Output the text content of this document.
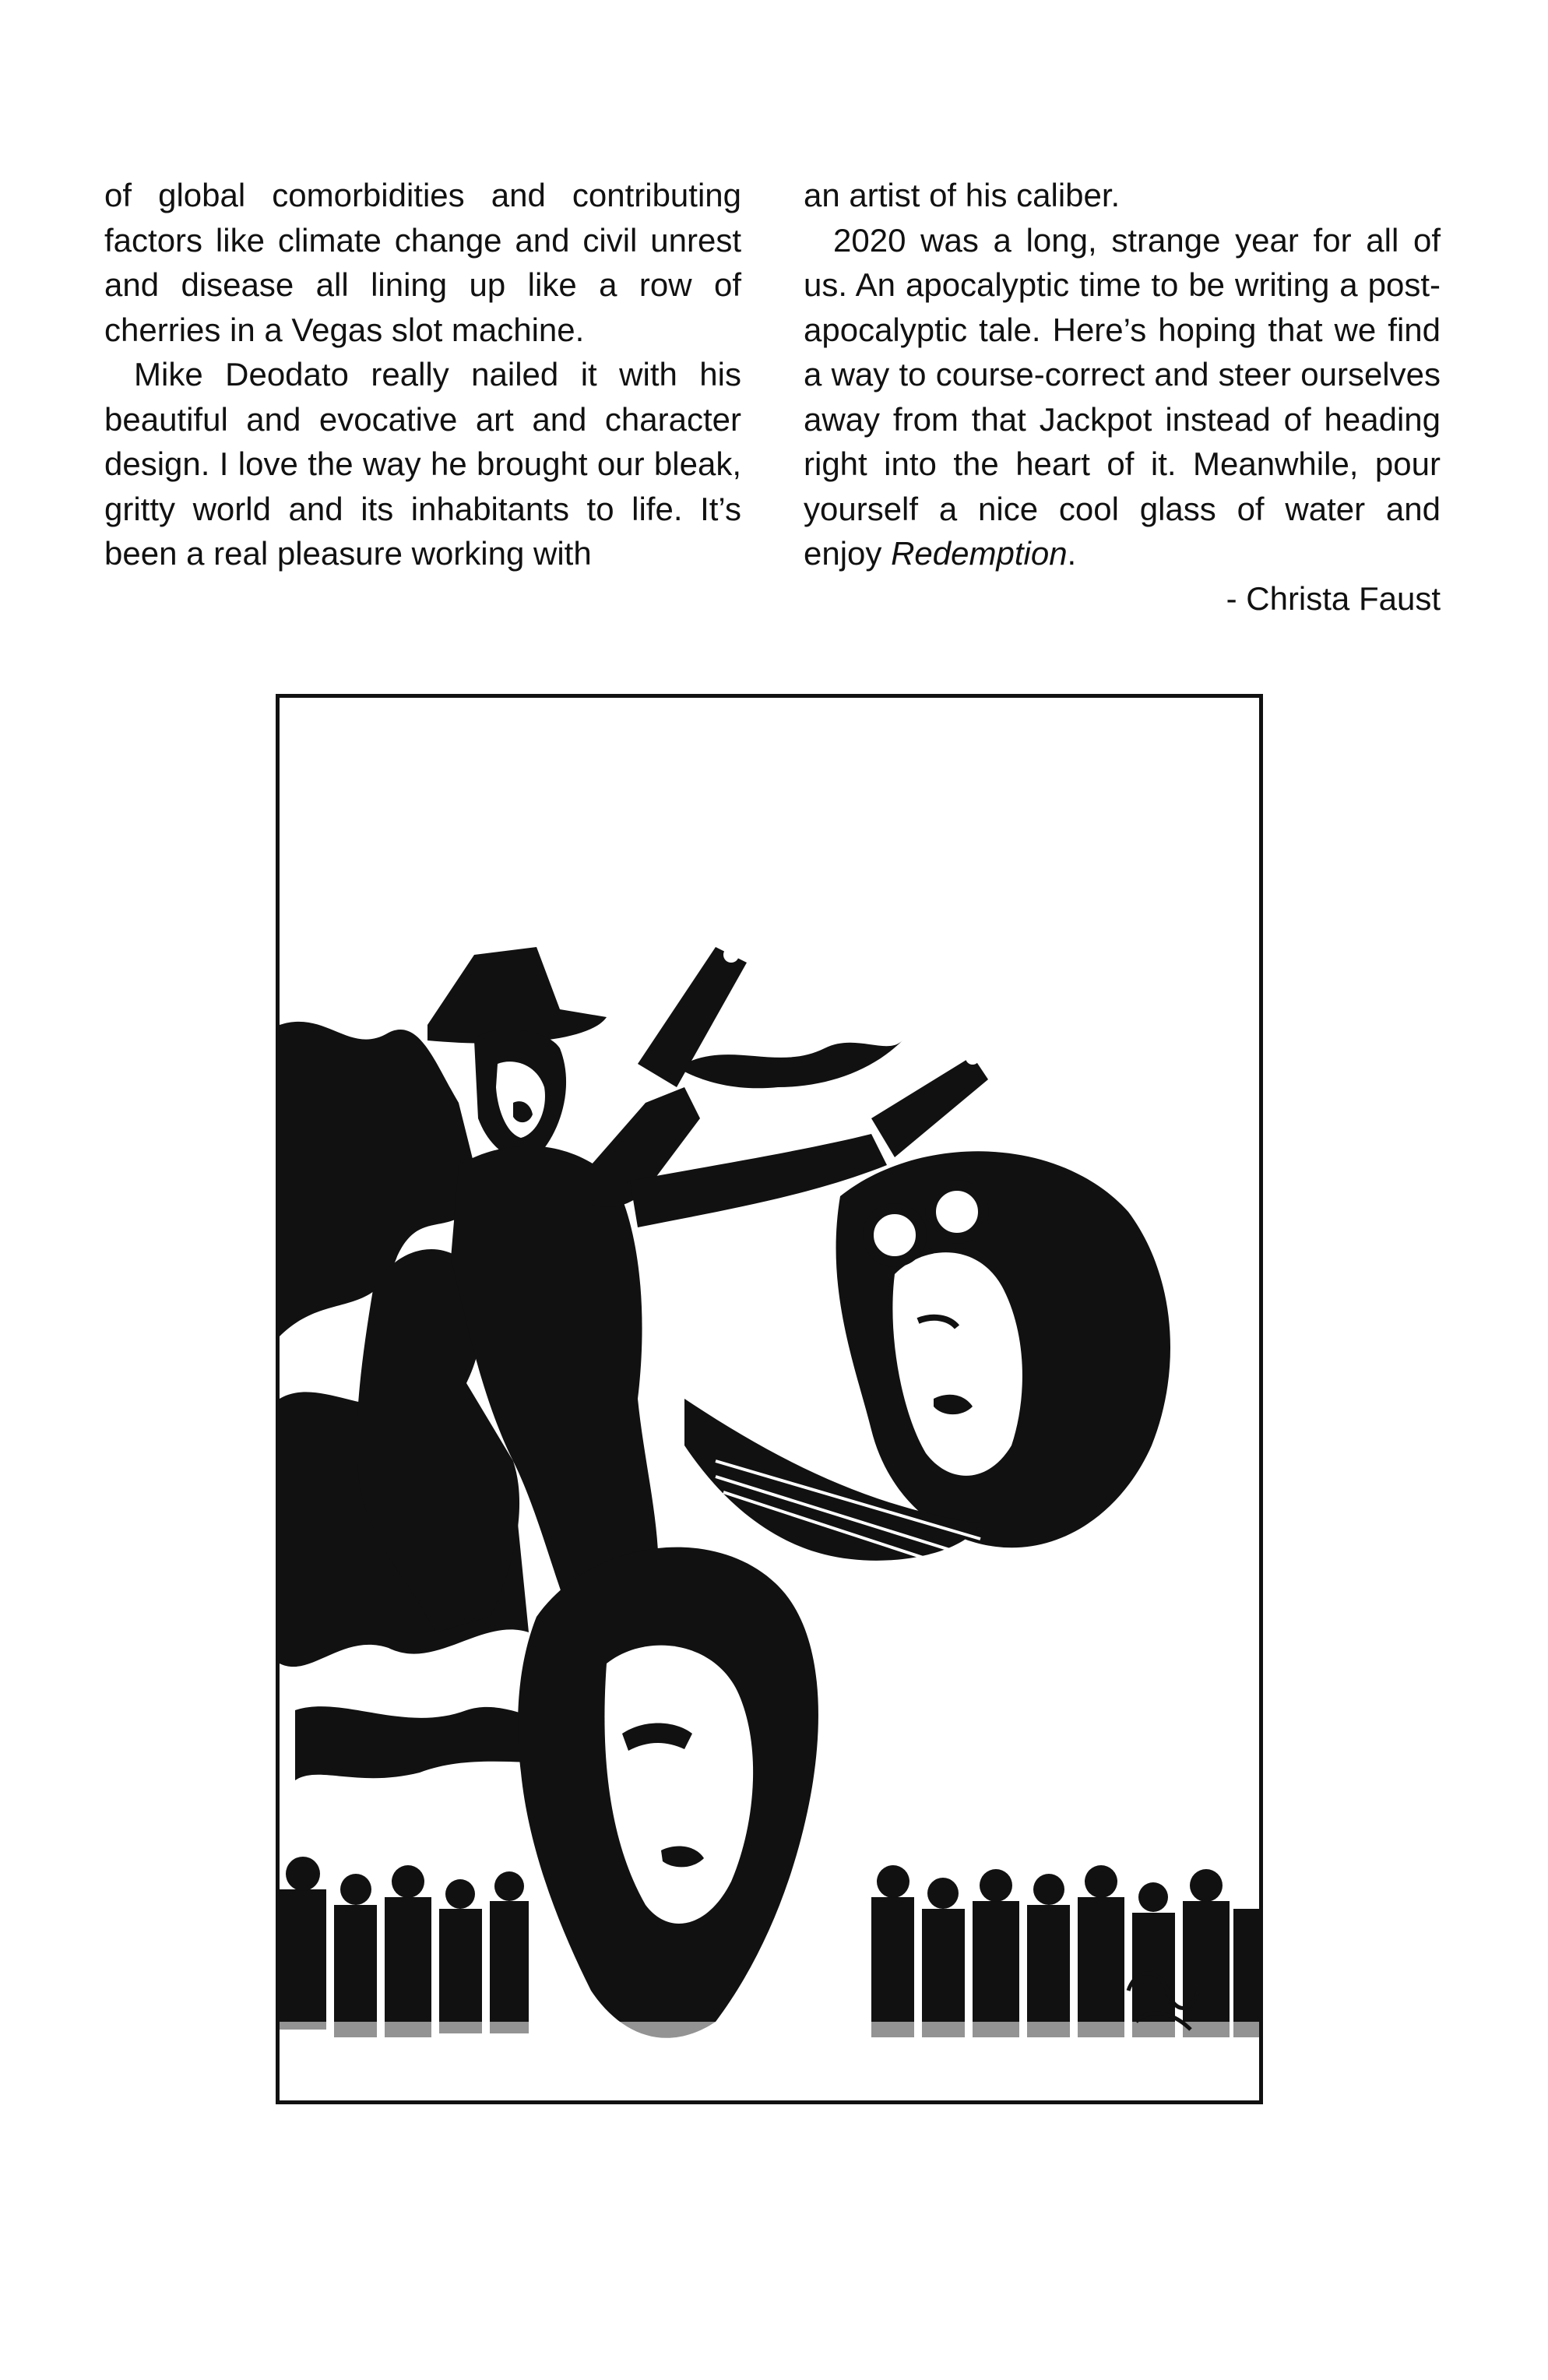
of global comorbidities and contributing factors like climate change and civil unrest and disease all lining up like a row of cherries in a Vegas slot machine.

Mike Deodato really nailed it with his beautiful and evocative art and character design. I love the way he brought our bleak, gritty world and its inhabitants to life. It’s been a real pleasure working with

an artist of his caliber.

2020 was a long, strange year for all of us. An apocalyptic time to be writing a post-apocalyptic tale. Here’s hoping that we find a way to course-correct and steer ourselves away from that Jackpot instead of heading right into the heart of it. Meanwhile, pour yourself a nice cool glass of water and enjoy Redemption.

- Christa Faust
